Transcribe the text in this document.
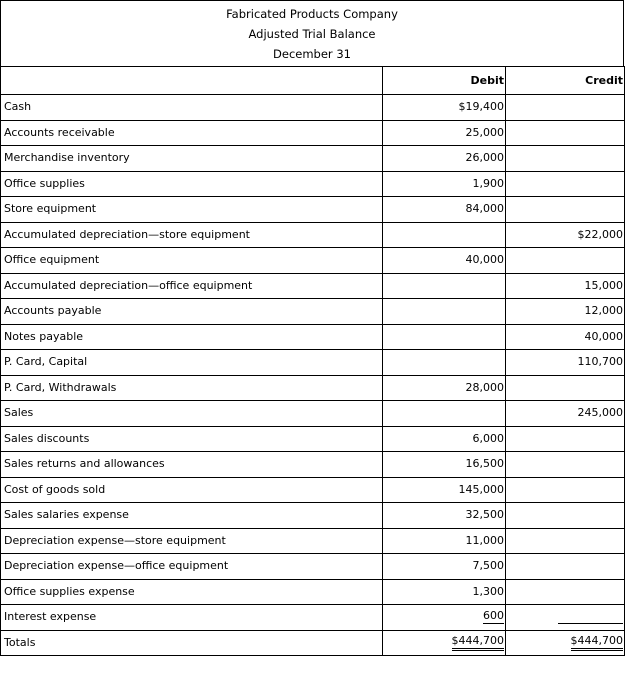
Fabricated Products Company
Adjusted Trial Balance
December 31
	Debit	Credit
Cash	$19,400	
Accounts receivable	25,000	
Merchandise inventory	26,000	
Office supplies	1,900	
Store equipment	84,000	
Accumulated depreciation—store equipment		$22,000
Office equipment	40,000	
Accumulated depreciation—office equipment		15,000
Accounts payable		12,000
Notes payable		40,000
P. Card, Capital		110,700
P. Card, Withdrawals	28,000	
Sales		245,000
Sales discounts	6,000	
Sales returns and allowances	16,500	
Cost of goods sold	145,000	
Sales salaries expense	32,500	
Depreciation expense—store equipment	11,000	
Depreciation expense—office equipment	7,500	
Office supplies expense	1,300	
Interest expense	600	

Totals	$444,700	$444,700
